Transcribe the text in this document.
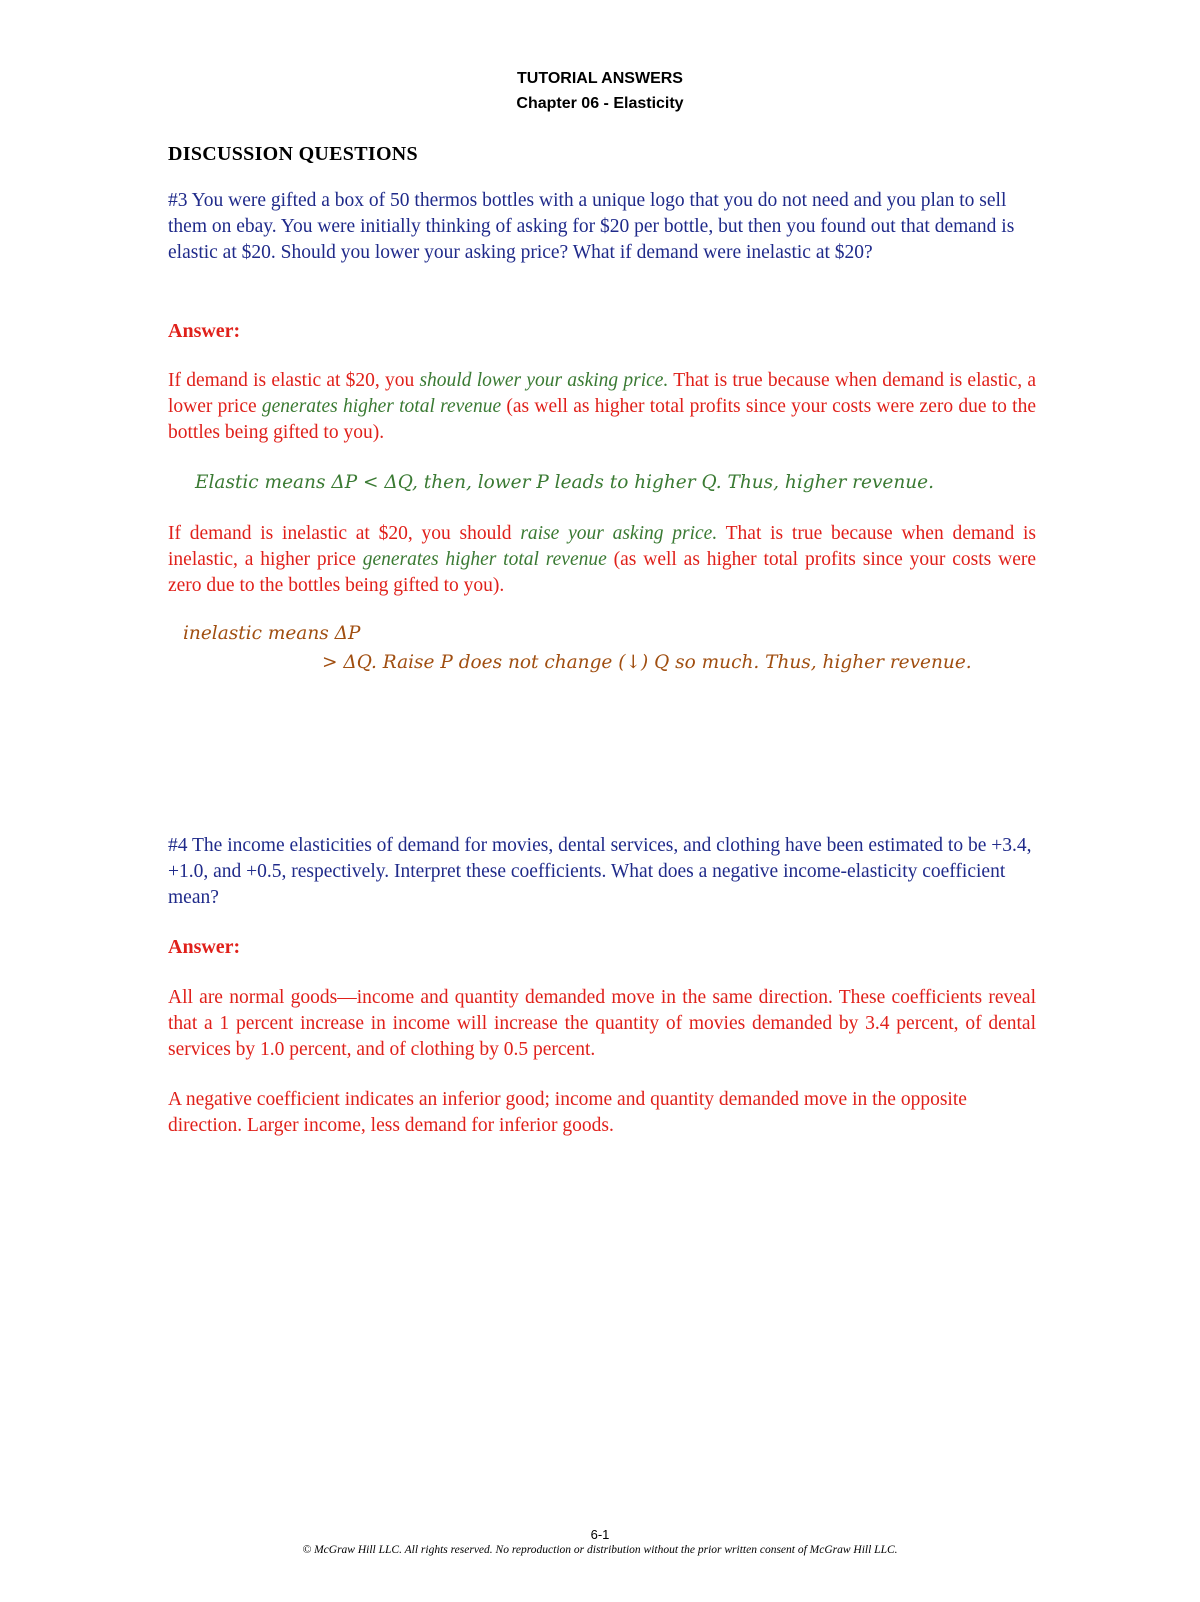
TUTORIAL ANSWERS
Chapter 06 - Elasticity
DISCUSSION QUESTIONS
#3 You were gifted a box of 50 thermos bottles with a unique logo that you do not need and you plan to sell them on ebay. You were initially thinking of asking for $20 per bottle, but then you found out that demand is elastic at $20. Should you lower your asking price? What if demand were inelastic at $20?
Answer:
If demand is elastic at $20, you should lower your asking price. That is true because when demand is elastic, a lower price generates higher total revenue (as well as higher total profits since your costs were zero due to the bottles being gifted to you).
Elastic means ΔP < ΔQ, then, lower P leads to higher Q. Thus, higher revenue.
If demand is inelastic at $20, you should raise your asking price. That is true because when demand is inelastic, a higher price generates higher total revenue (as well as higher total profits since your costs were zero due to the bottles being gifted to you).
inelastic means ΔP
> ΔQ. Raise P does not change (↓) Q so much. Thus, higher revenue.
#4 The income elasticities of demand for movies, dental services, and clothing have been estimated to be +3.4, +1.0, and +0.5, respectively. Interpret these coefficients. What does a negative income-elasticity coefficient mean?
Answer:
All are normal goods—income and quantity demanded move in the same direction. These coefficients reveal that a 1 percent increase in income will increase the quantity of movies demanded by 3.4 percent, of dental services by 1.0 percent, and of clothing by 0.5 percent.
A negative coefficient indicates an inferior good; income and quantity demanded move in the opposite direction. Larger income, less demand for inferior goods.
6-1
© McGraw Hill LLC. All rights reserved. No reproduction or distribution without the prior written consent of McGraw Hill LLC.
